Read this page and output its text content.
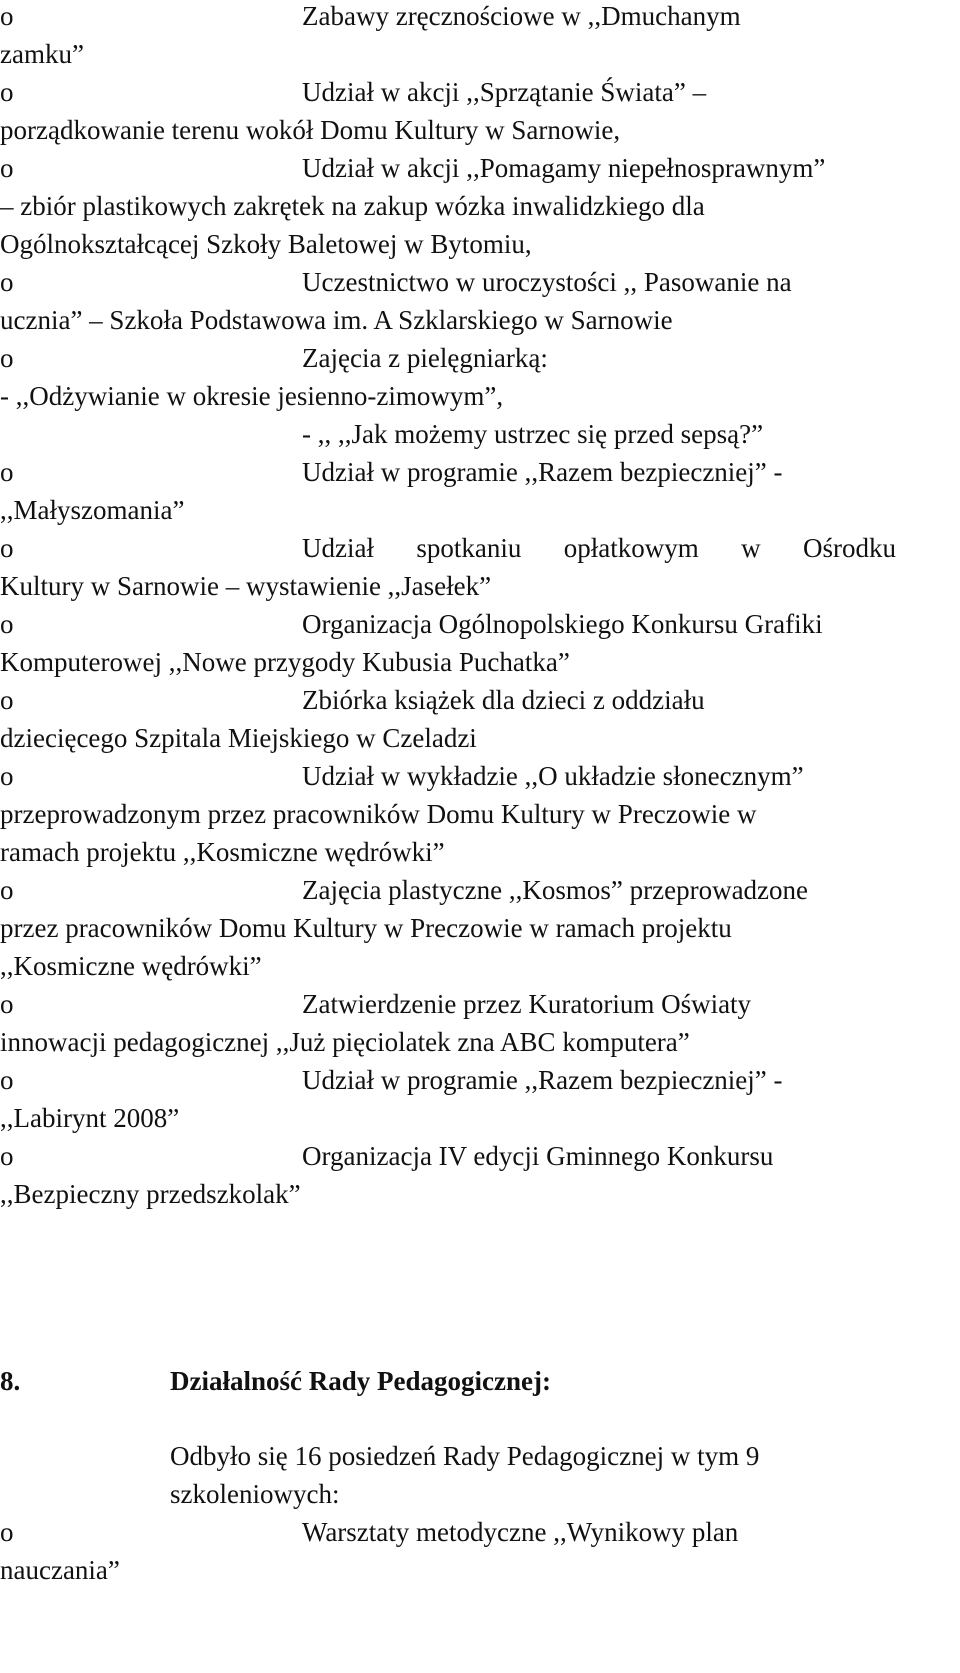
o	Zabawy zręcznościowe w ,,Dmuchanym
zamku”
o	Udział w akcji ,,Sprzątanie Świata” –
porządkowanie terenu wokół Domu Kultury w Sarnowie,
o	Udział w akcji ,,Pomagamy niepełnosprawnym”
– zbiór plastikowych zakrętek na zakup wózka inwalidzkiego dla
Ogólnokształcącej Szkoły Baletowej w Bytomiu,
o	Uczestnictwo w uroczystości ,, Pasowanie na
ucznia” – Szkoła Podstawowa im. A Szklarskiego w Sarnowie
o	Zajęcia z pielęgniarką:
- ,,Odżywianie w okresie jesienno-zimowym”,
- ,, ,,Jak możemy ustrzec się przed sepsą?”
o	Udział w programie ,,Razem bezpieczniej” -
,,Małyszomania”
o	Udział spotkaniu opłatkowym w Ośrodku
Kultury w Sarnowie – wystawienie ,,Jasełek”
o	Organizacja Ogólnopolskiego Konkursu Grafiki
Komputerowej ,,Nowe przygody Kubusia Puchatka”
o	Zbiórka książek dla dzieci z oddziału
dziecięcego Szpitala Miejskiego w Czeladzi
o	Udział w wykładzie ,,O układzie słonecznym”
przeprowadzonym przez pracowników Domu Kultury w Preczowie w
ramach projektu ,,Kosmiczne wędrówki”
o	Zajęcia plastyczne ,,Kosmos” przeprowadzone
przez pracowników Domu Kultury w Preczowie w ramach projektu
,,Kosmiczne wędrówki”
o	Zatwierdzenie przez Kuratorium Oświaty
innowacji pedagogicznej ,,Już pięciolatek zna ABC komputera”
o	Udział w programie ,,Razem bezpieczniej” -
,,Labirynt 2008”
o	Organizacja IV edycji Gminnego Konkursu
,,Bezpieczny przedszkolak”
8.	Działalność Rady Pedagogicznej:
Odbyło się 16 posiedzeń Rady Pedagogicznej w tym 9
szkoleniowych:
o	Warsztaty metodyczne ,,Wynikowy plan
nauczania”
